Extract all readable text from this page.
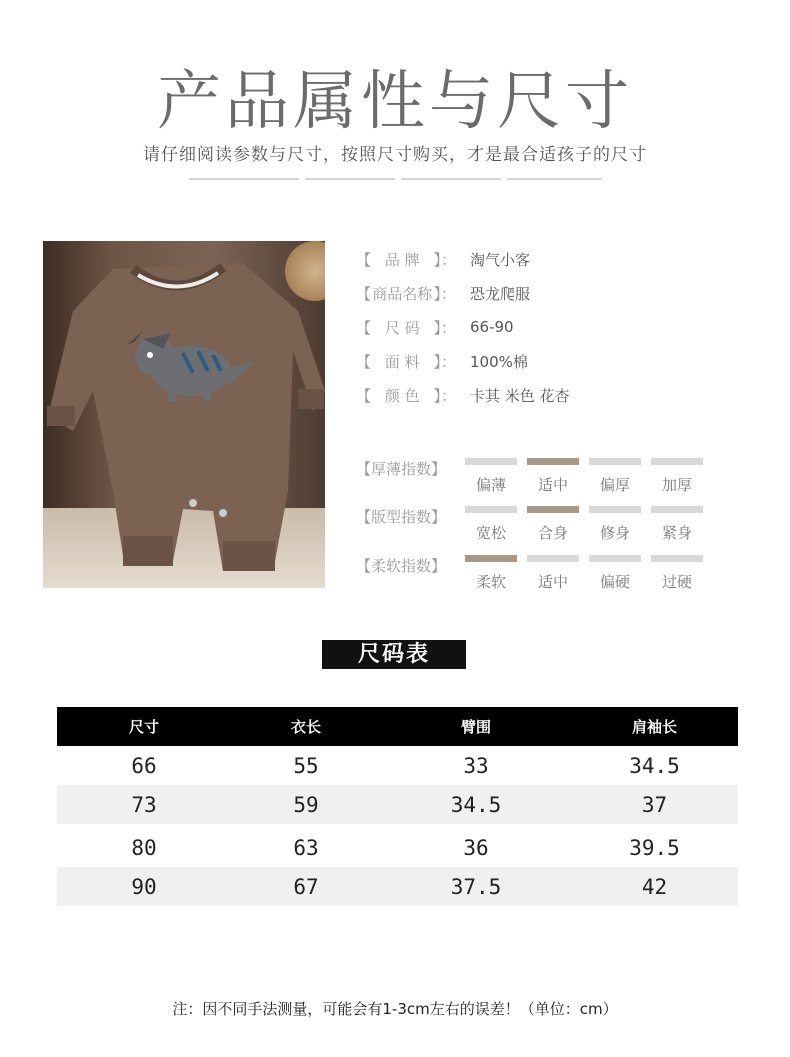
产品属性与尺寸
请仔细阅读参数与尺寸，按照尺寸购买，才是最合适孩子的尺寸
【 品 牌 】： 淘气小客
【 商品名称 】： 恐龙爬服
【 尺 码 】： 66-90
【 面 料 】： 100%棉
【 颜 色 】： 卡其 米色 花杏
【厚薄指数】
偏薄	适中	偏厚	加厚
【版型指数】
宽松	合身	修身	紧身
【柔软指数】
柔软	适中	偏硬	过硬
尺码表
尺寸	衣长	臂围	肩袖长
66	55	33	34.5
73	59	34.5	37
80	63	36	39.5
90	67	37.5	42
注：因不同手法测量，可能会有1-3cm左右的误差！（单位：cm）
